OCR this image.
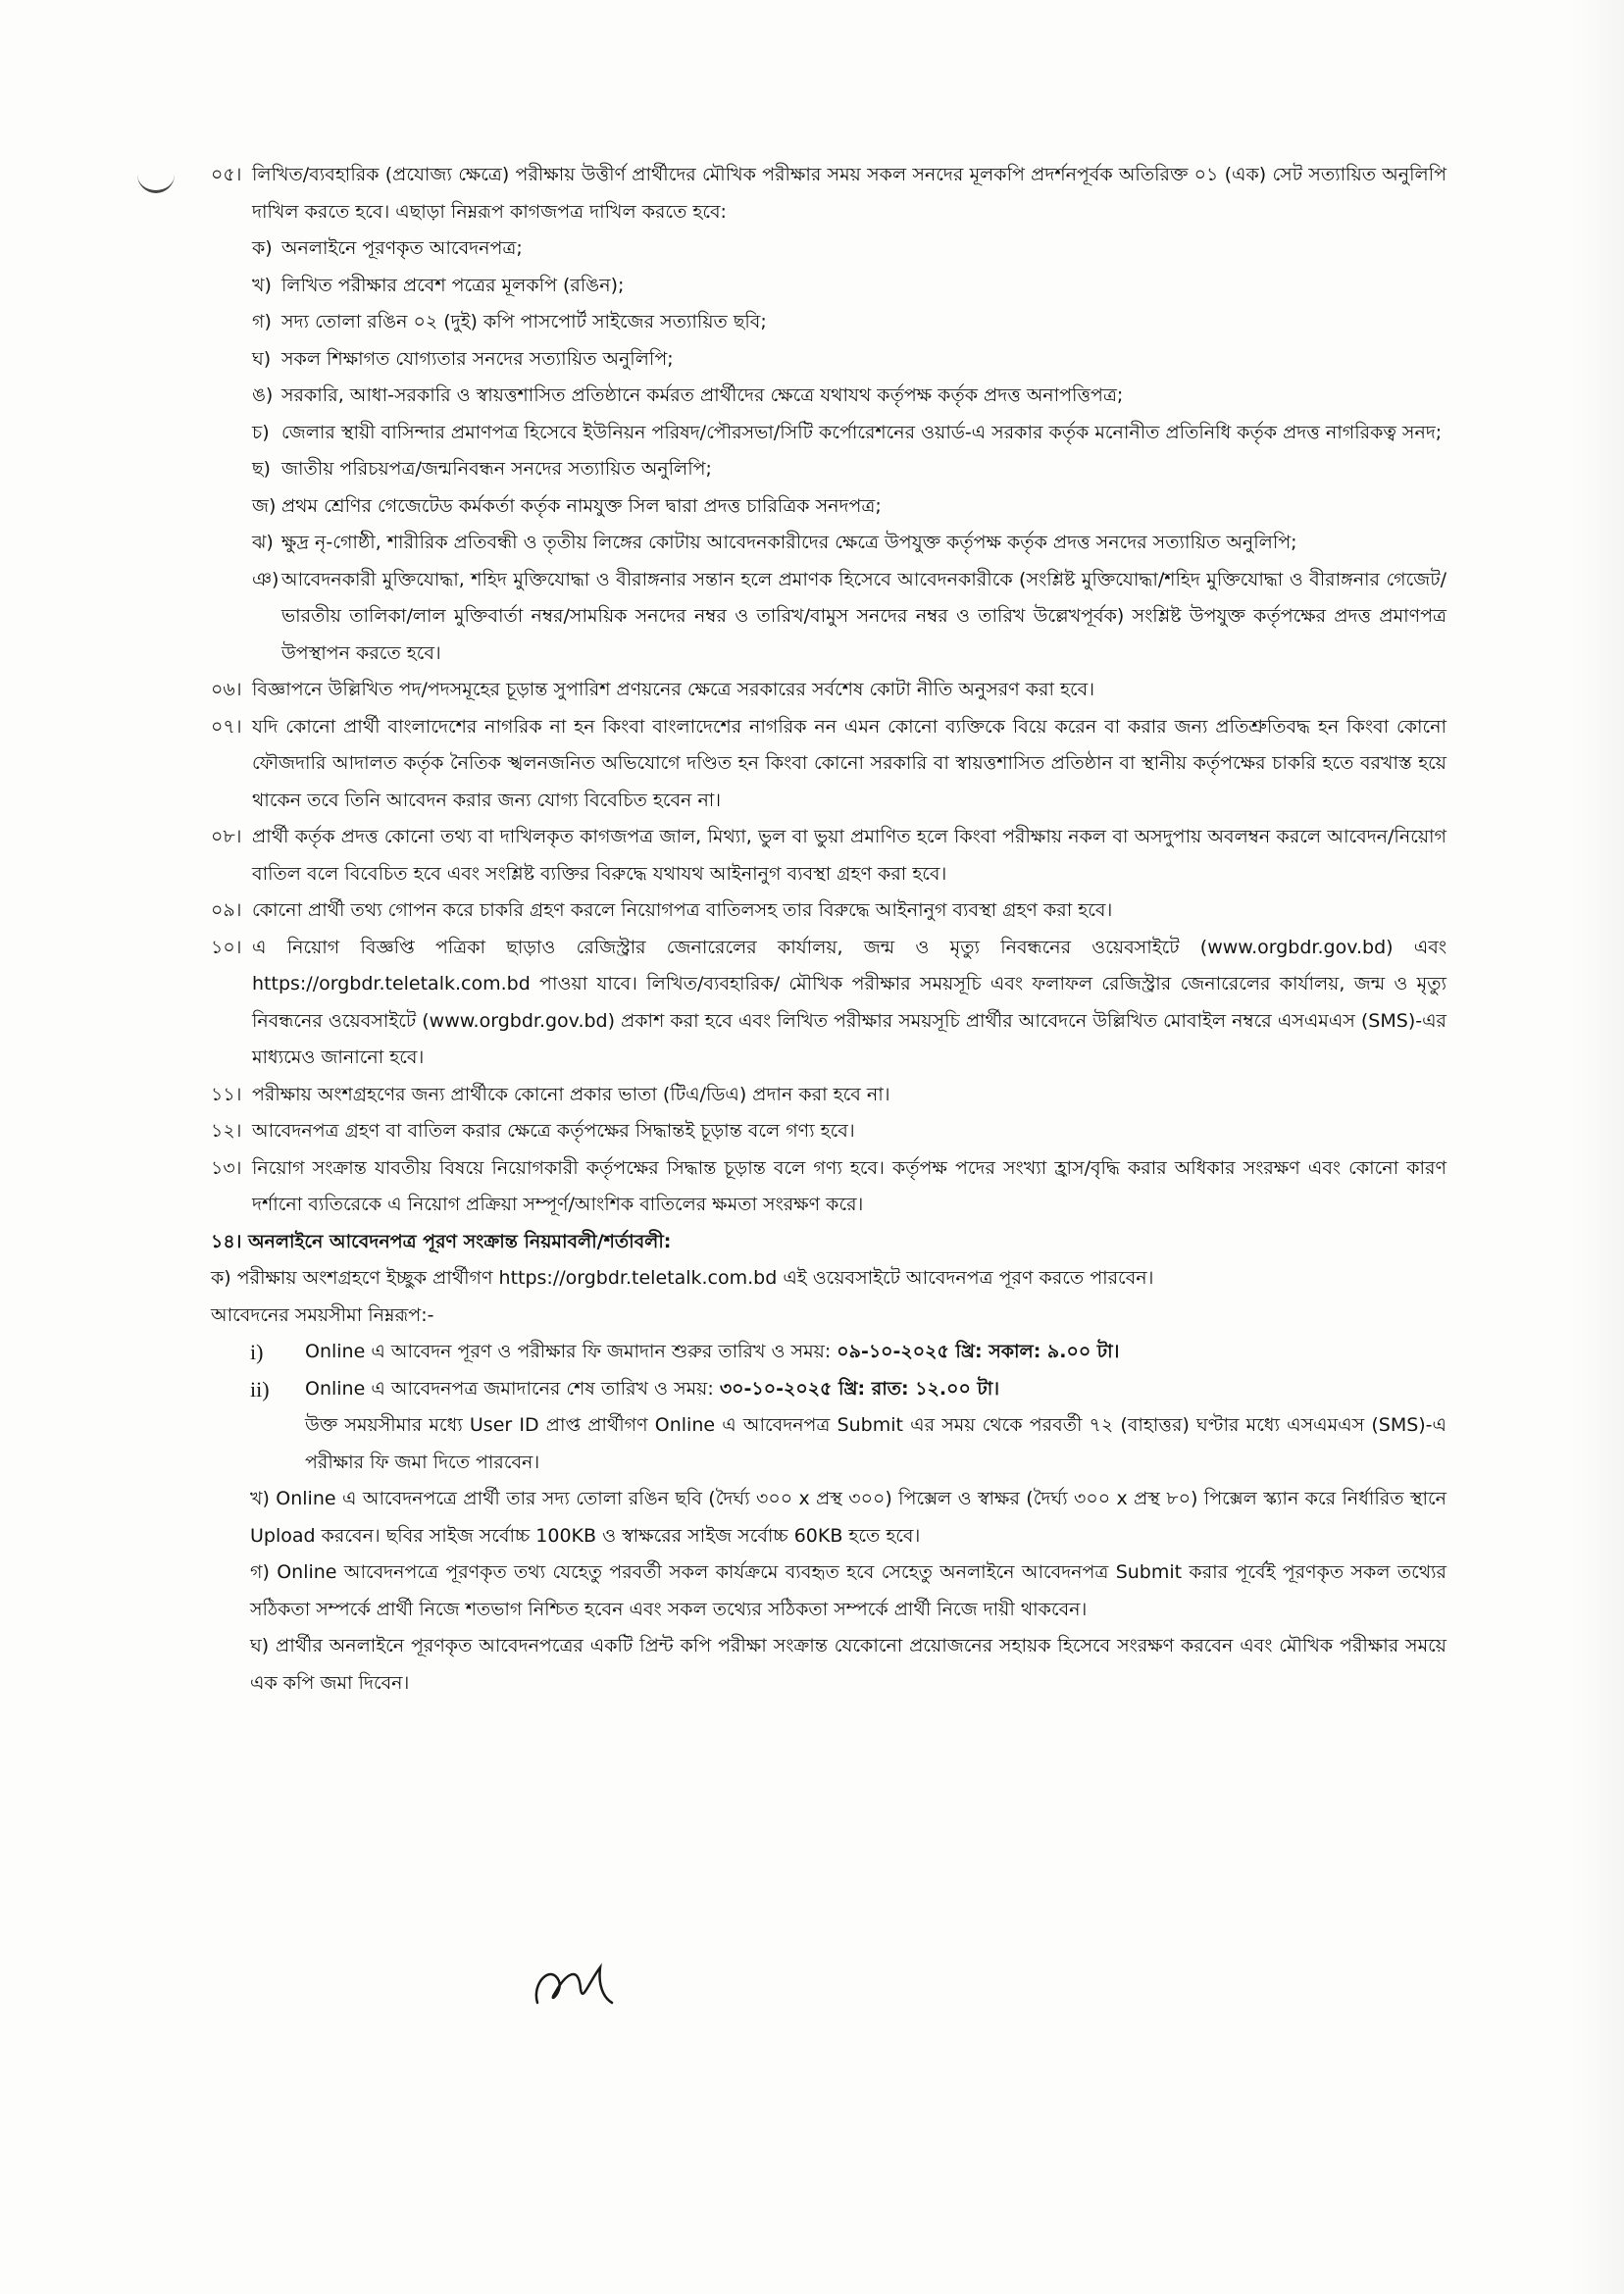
০৫। লিখিত/ব্যবহারিক (প্রযোজ্য ক্ষেত্রে) পরীক্ষায় উত্তীর্ণ প্রার্থীদের মৌখিক পরীক্ষার সময় সকল সনদের মূলকপি প্রদর্শনপূর্বক অতিরিক্ত ০১ (এক) সেট সত্যায়িত অনুলিপি দাখিল করতে হবে। এছাড়া নিম্নরূপ কাগজপত্র দাখিল করতে হবে:
ক) অনলাইনে পূরণকৃত আবেদনপত্র;
খ) লিখিত পরীক্ষার প্রবেশ পত্রের মূলকপি (রঙিন);
গ) সদ্য তোলা রঙিন ০২ (দুই) কপি পাসপোর্ট সাইজের সত্যায়িত ছবি;
ঘ) সকল শিক্ষাগত যোগ্যতার সনদের সত্যায়িত অনুলিপি;
ঙ) সরকারি, আধা-সরকারি ও স্বায়ত্তশাসিত প্রতিষ্ঠানে কর্মরত প্রার্থীদের ক্ষেত্রে যথাযথ কর্তৃপক্ষ কর্তৃক প্রদত্ত অনাপত্তিপত্র;
চ) জেলার স্থায়ী বাসিন্দার প্রমাণপত্র হিসেবে ইউনিয়ন পরিষদ/পৌরসভা/সিটি কর্পোরেশনের ওয়ার্ড-এ সরকার কর্তৃক মনোনীত প্রতিনিধি কর্তৃক প্রদত্ত নাগরিকত্ব সনদ;
ছ) জাতীয় পরিচয়পত্র/জন্মনিবন্ধন সনদের সত্যায়িত অনুলিপি;
জ) প্রথম শ্রেণির গেজেটেড কর্মকর্তা কর্তৃক নামযুক্ত সিল দ্বারা প্রদত্ত চারিত্রিক সনদপত্র;
ঝ) ক্ষুদ্র নৃ-গোষ্ঠী, শারীরিক প্রতিবন্ধী ও তৃতীয় লিঙ্গের কোটায় আবেদনকারীদের ক্ষেত্রে উপযুক্ত কর্তৃপক্ষ কর্তৃক প্রদত্ত সনদের সত্যায়িত অনুলিপি;
ঞ) আবেদনকারী মুক্তিযোদ্ধা, শহিদ মুক্তিযোদ্ধা ও বীরাঙ্গনার সন্তান হলে প্রমাণক হিসেবে আবেদনকারীকে (সংশ্লিষ্ট মুক্তিযোদ্ধা/শহিদ মুক্তিযোদ্ধা ও বীরাঙ্গনার গেজেট/ভারতীয় তালিকা/লাল মুক্তিবার্তা নম্বর/সাময়িক সনদের নম্বর ও তারিখ/বামুস সনদের নম্বর ও তারিখ উল্লেখপূর্বক) সংশ্লিষ্ট উপযুক্ত কর্তৃপক্ষের প্রদত্ত প্রমাণপত্র উপস্থাপন করতে হবে।
০৬। বিজ্ঞাপনে উল্লিখিত পদ/পদসমূহের চূড়ান্ত সুপারিশ প্রণয়নের ক্ষেত্রে সরকারের সর্বশেষ কোটা নীতি অনুসরণ করা হবে।
০৭। যদি কোনো প্রার্থী বাংলাদেশের নাগরিক না হন কিংবা বাংলাদেশের নাগরিক নন এমন কোনো ব্যক্তিকে বিয়ে করেন বা করার জন্য প্রতিশ্রুতিবদ্ধ হন কিংবা কোনো ফৌজদারি আদালত কর্তৃক নৈতিক স্খলনজনিত অভিযোগে দণ্ডিত হন কিংবা কোনো সরকারি বা স্বায়ত্তশাসিত প্রতিষ্ঠান বা স্থানীয় কর্তৃপক্ষের চাকরি হতে বরখাস্ত হয়ে থাকেন তবে তিনি আবেদন করার জন্য যোগ্য বিবেচিত হবেন না।
০৮। প্রার্থী কর্তৃক প্রদত্ত কোনো তথ্য বা দাখিলকৃত কাগজপত্র জাল, মিথ্যা, ভুল বা ভুয়া প্রমাণিত হলে কিংবা পরীক্ষায় নকল বা অসদুপায় অবলম্বন করলে আবেদন/নিয়োগ বাতিল বলে বিবেচিত হবে এবং সংশ্লিষ্ট ব্যক্তির বিরুদ্ধে যথাযথ আইনানুগ ব্যবস্থা গ্রহণ করা হবে।
০৯। কোনো প্রার্থী তথ্য গোপন করে চাকরি গ্রহণ করলে নিয়োগপত্র বাতিলসহ তার বিরুদ্ধে আইনানুগ ব্যবস্থা গ্রহণ করা হবে।
১০। এ নিয়োগ বিজ্ঞপ্তি পত্রিকা ছাড়াও রেজিস্ট্রার জেনারেলের কার্যালয়, জন্ম ও মৃত্যু নিবন্ধনের ওয়েবসাইটে (www.orgbdr.gov.bd) এবং https://orgbdr.teletalk.com.bd পাওয়া যাবে। লিখিত/ব্যবহারিক/ মৌখিক পরীক্ষার সময়সূচি এবং ফলাফল রেজিস্ট্রার জেনারেলের কার্যালয়, জন্ম ও মৃত্যু নিবন্ধনের ওয়েবসাইটে (www.orgbdr.gov.bd) প্রকাশ করা হবে এবং লিখিত পরীক্ষার সময়সূচি প্রার্থীর আবেদনে উল্লিখিত মোবাইল নম্বরে এসএমএস (SMS)-এর মাধ্যমেও জানানো হবে।
১১। পরীক্ষায় অংশগ্রহণের জন্য প্রার্থীকে কোনো প্রকার ভাতা (টিএ/ডিএ) প্রদান করা হবে না।
১২। আবেদনপত্র গ্রহণ বা বাতিল করার ক্ষেত্রে কর্তৃপক্ষের সিদ্ধান্তই চূড়ান্ত বলে গণ্য হবে।
১৩। নিয়োগ সংক্রান্ত যাবতীয় বিষয়ে নিয়োগকারী কর্তৃপক্ষের সিদ্ধান্ত চূড়ান্ত বলে গণ্য হবে। কর্তৃপক্ষ পদের সংখ্যা হ্রাস/বৃদ্ধি করার অধিকার সংরক্ষণ এবং কোনো কারণ দর্শানো ব্যতিরেকে এ নিয়োগ প্রক্রিয়া সম্পূর্ণ/আংশিক বাতিলের ক্ষমতা সংরক্ষণ করে।
১৪। অনলাইনে আবেদনপত্র পূরণ সংক্রান্ত নিয়মাবলী/শর্তাবলী:
ক) পরীক্ষায় অংশগ্রহণে ইচ্ছুক প্রার্থীগণ https://orgbdr.teletalk.com.bd এই ওয়েবসাইটে আবেদনপত্র পূরণ করতে পারবেন।
আবেদনের সময়সীমা নিম্নরূপ:-
i)	Online এ আবেদন পূরণ ও পরীক্ষার ফি জমাদান শুরুর তারিখ ও সময়: ০৯-১০-২০২৫ খ্রি: সকাল: ৯.০০ টা।
ii)	Online এ আবেদনপত্র জমাদানের শেষ তারিখ ও সময়: ৩০-১০-২০২৫ খ্রি: রাত: ১২.০০ টা।
উক্ত সময়সীমার মধ্যে User ID প্রাপ্ত প্রার্থীগণ Online এ আবেদনপত্র Submit এর সময় থেকে পরবর্তী ৭২ (বাহাত্তর) ঘণ্টার মধ্যে এসএমএস (SMS)-এ পরীক্ষার ফি জমা দিতে পারবেন।
খ) Online এ আবেদনপত্রে প্রার্থী তার সদ্য তোলা রঙিন ছবি (দৈর্ঘ্য ৩০০ x প্রস্থ ৩০০) পিক্সেল ও স্বাক্ষর (দৈর্ঘ্য ৩০০ x প্রস্থ ৮০) পিক্সেল স্ক্যান করে নির্ধারিত স্থানে Upload করবেন। ছবির সাইজ সর্বোচ্চ 100KB ও স্বাক্ষরের সাইজ সর্বোচ্চ 60KB হতে হবে।
গ) Online আবেদনপত্রে পূরণকৃত তথ্য যেহেতু পরবর্তী সকল কার্যক্রমে ব্যবহৃত হবে সেহেতু অনলাইনে আবেদনপত্র Submit করার পূর্বেই পূরণকৃত সকল তথ্যের সঠিকতা সম্পর্কে প্রার্থী নিজে শতভাগ নিশ্চিত হবেন এবং সকল তথ্যের সঠিকতা সম্পর্কে প্রার্থী নিজে দায়ী থাকবেন।
ঘ) প্রার্থীর অনলাইনে পূরণকৃত আবেদনপত্রের একটি প্রিন্ট কপি পরীক্ষা সংক্রান্ত যেকোনো প্রয়োজনের সহায়ক হিসেবে সংরক্ষণ করবেন এবং মৌখিক পরীক্ষার সময়ে এক কপি জমা দিবেন।
